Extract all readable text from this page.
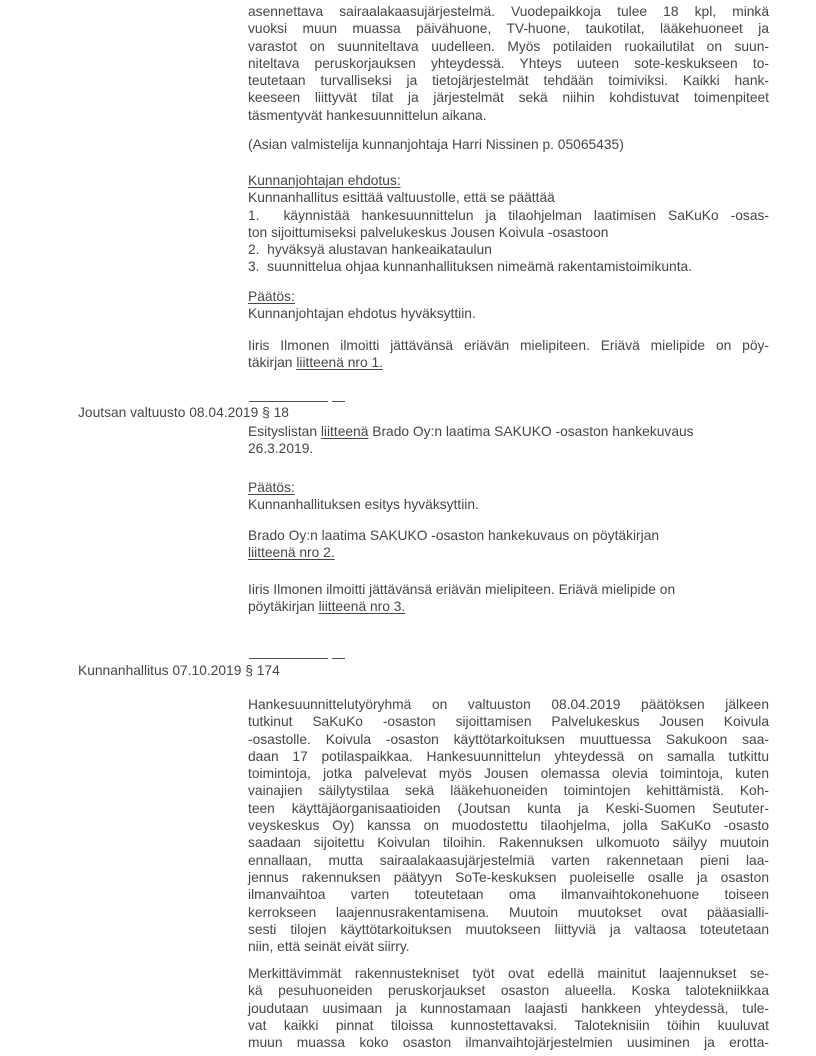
asennettava sairaalakaasujärjestelmä. Vuodepaikkoja tulee 18 kpl, minkä
vuoksi muun muassa päivähuone, TV-huone, taukotilat, lääkehuoneet ja
varastot on suunniteltava uudelleen. Myös potilaiden ruokailutilat on suun-
niteltava peruskorjauksen yhteydessä. Yhteys uuteen sote-keskukseen to-
teutetaan turvalliseksi ja tietojärjestelmät tehdään toimiviksi. Kaikki hank-
keeseen liittyvät tilat ja järjestelmät sekä niihin kohdistuvat toimenpiteet
täsmentyvät hankesuunnittelun aikana.
(Asian valmistelija kunnanjohtaja Harri Nissinen p. 05065435)
Kunnanjohtajan ehdotus:
Kunnanhallitus esittää valtuustolle, että se päättää
1.  käynnistää hankesuunnittelun ja tilaohjelman laatimisen SaKuKo -osas-
ton sijoittumiseksi palvelukeskus Jousen Koivula -osastoon
2.  hyväksyä alustavan hankeaikataulun
3.  suunnittelua ohjaa kunnanhallituksen nimeämä rakentamistoimikunta.
Päätös:
Kunnanjohtajan ehdotus hyväksyttiin.
Iiris Ilmonen ilmoitti jättävänsä eriävän mielipiteen. Eriävä mielipide on pöy-
täkirjan liitteenä nro 1.
Joutsan valtuusto 08.04.2019 § 18
Esityslistan liitteenä Brado Oy:n laatima SAKUKO -osaston hankekuvaus
26.3.2019.
Päätös:
Kunnanhallituksen esitys hyväksyttiin.
Brado Oy:n laatima SAKUKO -osaston hankekuvaus on pöytäkirjan
liitteenä nro 2.
Iiris Ilmonen ilmoitti jättävänsä eriävän mielipiteen. Eriävä mielipide on
pöytäkirjan liitteenä nro 3.
Kunnanhallitus 07.10.2019 § 174
Hankesuunnittelutyöryhmä on valtuuston 08.04.2019 päätöksen jälkeen
tutkinut SaKuKo -osaston sijoittamisen Palvelukeskus Jousen Koivula
-osastolle. Koivula -osaston käyttötarkoituksen muuttuessa Sakukoon saa-
daan 17 potilaspaikkaa. Hankesuunnittelun yhteydessä on samalla tutkittu
toimintoja, jotka palvelevat myös Jousen olemassa olevia toimintoja, kuten
vainajien säilytystilaa sekä lääkehuoneiden toimintojen kehittämistä. Koh-
teen käyttäjäorganisaatioiden (Joutsan kunta ja Keski-Suomen Seututer-
veyskeskus Oy) kanssa on muodostettu tilaohjelma, jolla SaKuKo -osasto
saadaan sijoitettu Koivulan tiloihin. Rakennuksen ulkomuoto säilyy muutoin
ennallaan, mutta sairaalakaasujärjestelmiä varten rakennetaan pieni laa-
jennus rakennuksen päätyyn SoTe-keskuksen puoleiselle osalle ja osaston
ilmanvaihtoa varten toteutetaan oma ilmanvaihtokonehuone toiseen
kerrokseen laajennusrakentamisena. Muutoin muutokset ovat pääasialli-
sesti tilojen käyttötarkoituksen muutokseen liittyviä ja valtaosa toteutetaan
niin, että seinät eivät siirry.
Merkittävimmät rakennustekniset työt ovat edellä mainitut laajennukset se-
kä pesuhuoneiden peruskorjaukset osaston alueella. Koska talotekniikkaa
joudutaan uusimaan ja kunnostamaan laajasti hankkeen yhteydessä, tule-
vat kaikki pinnat tiloissa kunnostettavaksi. Taloteknisiin töihin kuuluvat
muun muassa koko osaston ilmanvaihtojärjestelmien uusiminen ja erotta-
